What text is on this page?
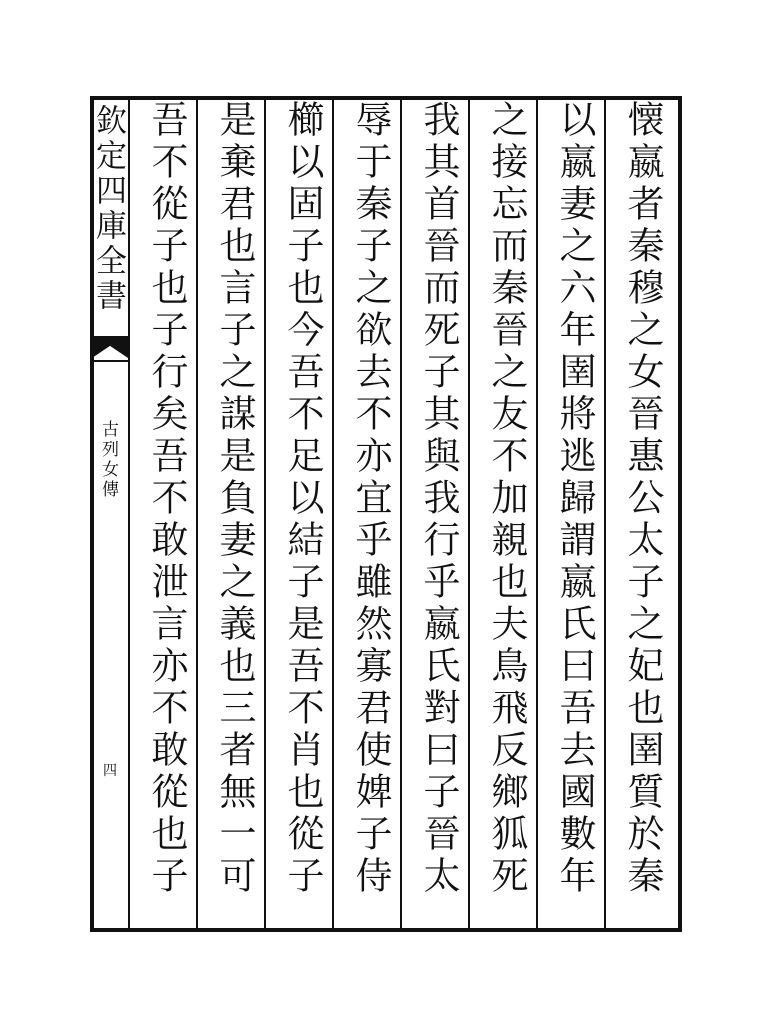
欽定四庫全書
古列女傳
四
懐嬴者秦穆之女晉惠公太子之妃也圉質於秦
以嬴妻之六年圉將逃歸謂嬴氏曰吾去國數年
之接忘而秦晉之友不加親也夫鳥飛反鄉狐死
我其首晉而死子其與我行乎嬴氏對曰子晉太
辱于秦子之欲去不亦宜乎雖然寡君使婢子侍
櫛以固子也今吾不足以結子是吾不肖也從子
是棄君也言子之謀是負妻之義也三者無一可
吾不從子也子行矣吾不敢泄言亦不敢從也子
